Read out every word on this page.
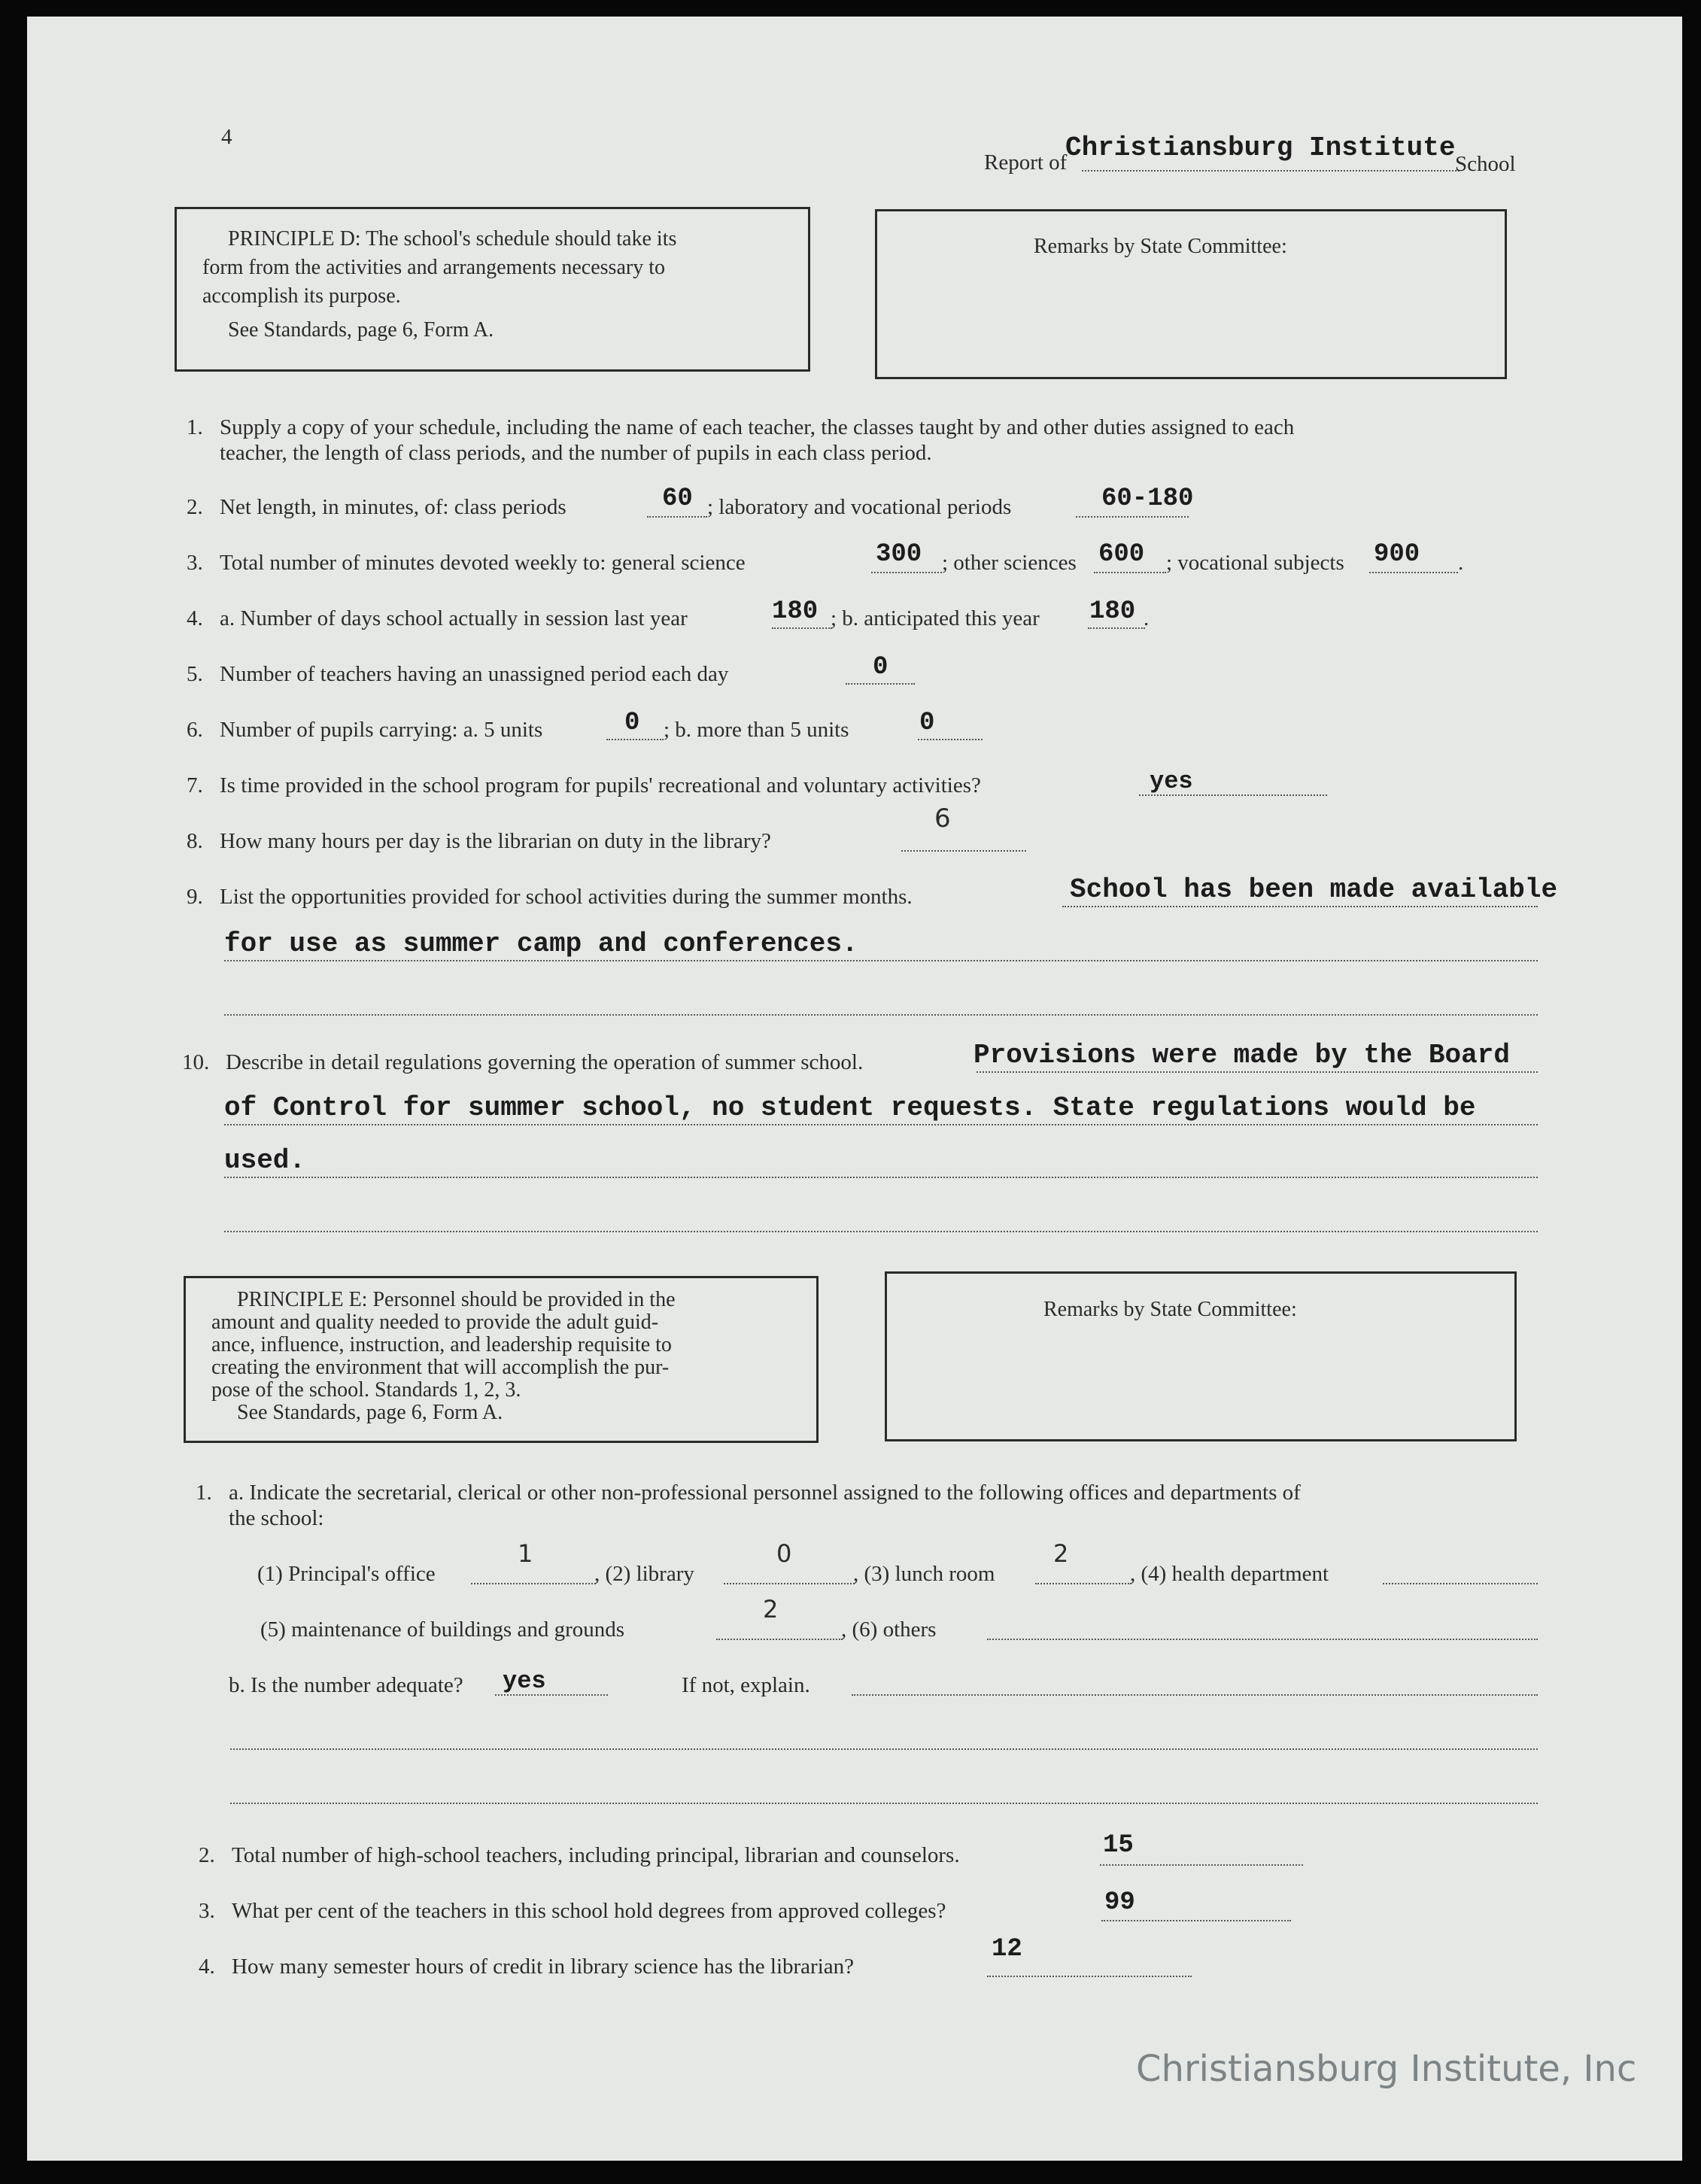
4
Report of
Christiansburg Institute
School
PRINCIPLE D: The school's schedule should take its
form from the activities and arrangements necessary to
accomplish its purpose.
See Standards, page 6, Form A.
Remarks by State Committee:
1. Supply a copy of your schedule, including the name of each teacher, the classes taught by and other duties assigned to each
teacher, the length of class periods, and the number of pupils in each class period.
2. Net length, in minutes, of: class periods	60 ; laboratory and vocational periods	60-180
3. Total number of minutes devoted weekly to: general science	300 ; other sciences 600 ; vocational subjects 900 .
4. a. Number of days school actually in session last year	180 ; b. anticipated this year 180 .
5. Number of teachers having an unassigned period each day	0
6. Number of pupils carrying: a. 5 units	0 ; b. more than 5 units	0
7. Is time provided in the school program for pupils' recreational and voluntary activities?	yes
8. How many hours per day is the librarian on duty in the library?
6
9. List the opportunities provided for school activities during the summer months.	School has been made available
for use as summer camp and conferences.
10. Describe in detail regulations governing the operation of summer school.	Provisions were made by the Board
of Control for summer school, no student requests. State regulations would be
used.
PRINCIPLE E: Personnel should be provided in the
amount and quality needed to provide the adult guid-
ance, influence, instruction, and leadership requisite to
creating the environment that will accomplish the pur-
pose of the school. Standards 1, 2, 3.
See Standards, page 6, Form A.
Remarks by State Committee:
1. a. Indicate the secretarial, clerical or other non-professional personnel assigned to the following offices and departments of
the school:
(1) Principal's office
1
, (2) library
0
, (3) lunch room
2
, (4) health department
(5) maintenance of buildings and grounds
2
, (6) others
b. Is the number adequate? yes	If not, explain.
2. Total number of high-school teachers, including principal, librarian and counselors.	15
3. What per cent of the teachers in this school hold degrees from approved colleges?	99
4. How many semester hours of credit in library science has the librarian?
12
Christiansburg Institute, Inc
